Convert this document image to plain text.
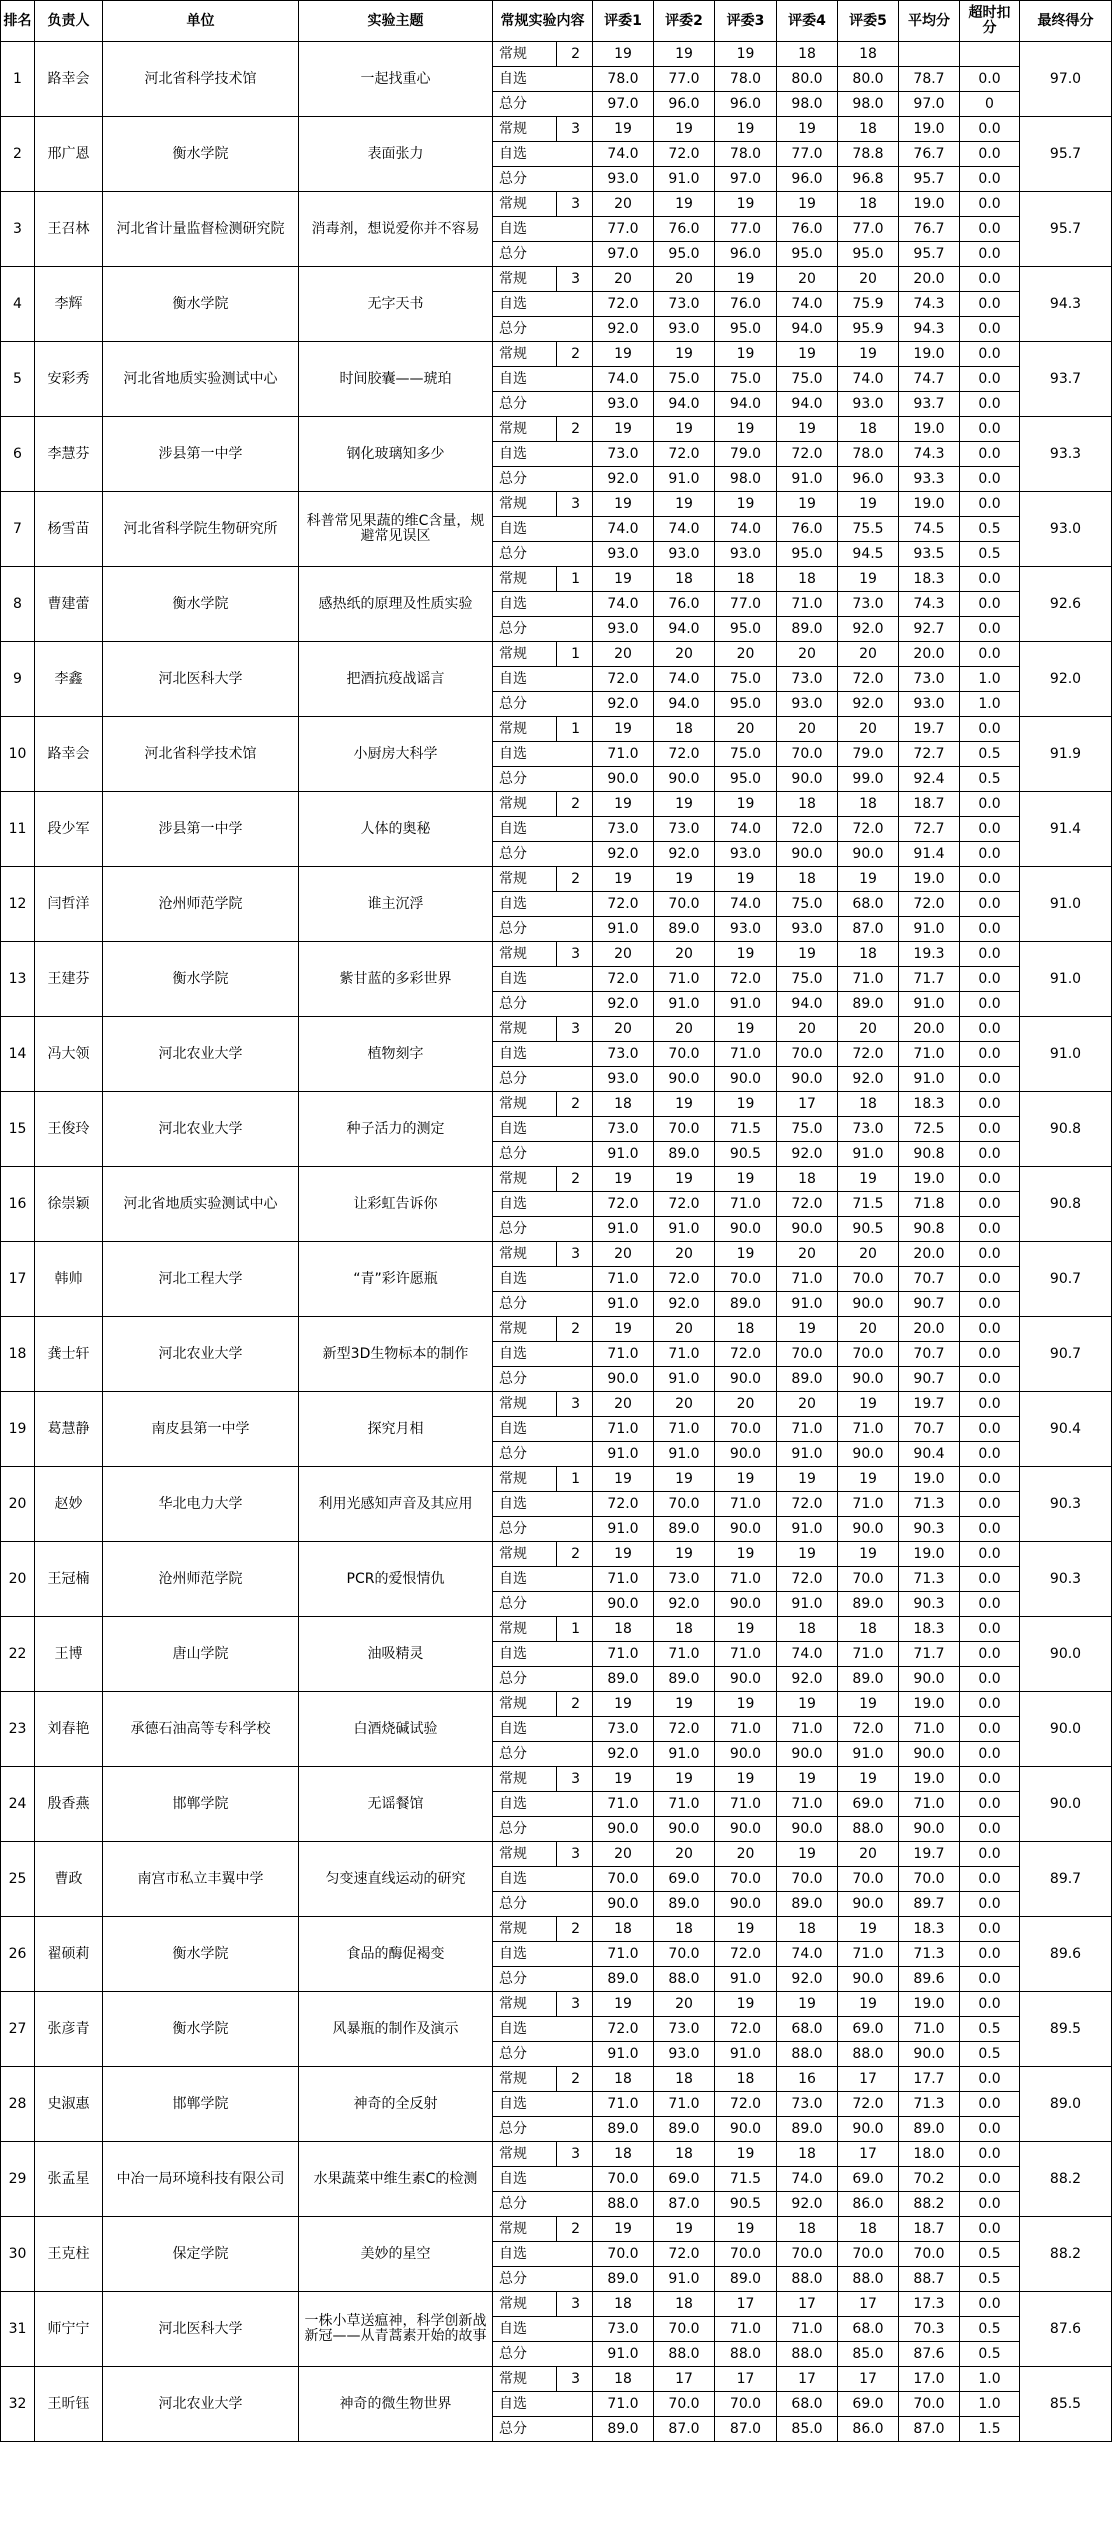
排名	负责人	单位	实验主题	常规实验内容		评委1	评委2	评委3	评委4	评委5	平均分	超时扣分	最终得分
1	路幸会	河北省科学技术馆	一起找重心	常规	2	19	19	19	18	18			97.0
				自选		78.0	77.0	78.0	80.0	80.0	78.7	0.0	
				总分		97.0	96.0	96.0	98.0	98.0	97.0	0	
2	邢广恩	衡水学院	表面张力	常规	3	19	19	19	19	18	19.0	0.0	95.7
				自选		74.0	72.0	78.0	77.0	78.8	76.7	0.0	
				总分		93.0	91.0	97.0	96.0	96.8	95.7	0.0	
3	王召林	河北省计量监督检测研究院	消毒剂，想说爱你并不容易	常规	3	20	19	19	19	18	19.0	0.0	95.7
				自选		77.0	76.0	77.0	76.0	77.0	76.7	0.0	
				总分		97.0	95.0	96.0	95.0	95.0	95.7	0.0	
4	李辉	衡水学院	无字天书	常规	3	20	20	19	20	20	20.0	0.0	94.3
				自选		72.0	73.0	76.0	74.0	75.9	74.3	0.0	
				总分		92.0	93.0	95.0	94.0	95.9	94.3	0.0	
5	安彩秀	河北省地质实验测试中心	时间胶囊——琥珀	常规	2	19	19	19	19	19	19.0	0.0	93.7
				自选		74.0	75.0	75.0	75.0	74.0	74.7	0.0	
				总分		93.0	94.0	94.0	94.0	93.0	93.7	0.0	
6	李慧芬	涉县第一中学	钢化玻璃知多少	常规	2	19	19	19	19	18	19.0	0.0	93.3
				自选		73.0	72.0	79.0	72.0	78.0	74.3	0.0	
				总分		92.0	91.0	98.0	91.0	96.0	93.3	0.0	
7	杨雪苗	河北省科学院生物研究所	科普常见果蔬的维C含量，规避常见误区	常规	3	19	19	19	19	19	19.0	0.0	93.0
				自选		74.0	74.0	74.0	76.0	75.5	74.5	0.5	
				总分		93.0	93.0	93.0	95.0	94.5	93.5	0.5	
8	曹建蕾	衡水学院	感热纸的原理及性质实验	常规	1	19	18	18	18	19	18.3	0.0	92.6
				自选		74.0	76.0	77.0	71.0	73.0	74.3	0.0	
				总分		93.0	94.0	95.0	89.0	92.0	92.7	0.0	
9	李鑫	河北医科大学	把酒抗疫战谣言	常规	1	20	20	20	20	20	20.0	0.0	92.0
				自选		72.0	74.0	75.0	73.0	72.0	73.0	1.0	
				总分		92.0	94.0	95.0	93.0	92.0	93.0	1.0	
10	路幸会	河北省科学技术馆	小厨房大科学	常规	1	19	18	20	20	20	19.7	0.0	91.9
				自选		71.0	72.0	75.0	70.0	79.0	72.7	0.5	
				总分		90.0	90.0	95.0	90.0	99.0	92.4	0.5	
11	段少军	涉县第一中学	人体的奥秘	常规	2	19	19	19	18	18	18.7	0.0	91.4
				自选		73.0	73.0	74.0	72.0	72.0	72.7	0.0	
				总分		92.0	92.0	93.0	90.0	90.0	91.4	0.0	
12	闫哲洋	沧州师范学院	谁主沉浮	常规	2	19	19	19	18	19	19.0	0.0	91.0
				自选		72.0	70.0	74.0	75.0	68.0	72.0	0.0	
				总分		91.0	89.0	93.0	93.0	87.0	91.0	0.0	
13	王建芬	衡水学院	紫甘蓝的多彩世界	常规	3	20	20	19	19	18	19.3	0.0	91.0
				自选		72.0	71.0	72.0	75.0	71.0	71.7	0.0	
				总分		92.0	91.0	91.0	94.0	89.0	91.0	0.0	
14	冯大领	河北农业大学	植物刻字	常规	3	20	20	19	20	20	20.0	0.0	91.0
				自选		73.0	70.0	71.0	70.0	72.0	71.0	0.0	
				总分		93.0	90.0	90.0	90.0	92.0	91.0	0.0	
15	王俊玲	河北农业大学	种子活力的测定	常规	2	18	19	19	17	18	18.3	0.0	90.8
				自选		73.0	70.0	71.5	75.0	73.0	72.5	0.0	
				总分		91.0	89.0	90.5	92.0	91.0	90.8	0.0	
16	徐崇颖	河北省地质实验测试中心	让彩虹告诉你	常规	2	19	19	19	18	19	19.0	0.0	90.8
				自选		72.0	72.0	71.0	72.0	71.5	71.8	0.0	
				总分		91.0	91.0	90.0	90.0	90.5	90.8	0.0	
17	韩帅	河北工程大学	“青”彩许愿瓶	常规	3	20	20	19	20	20	20.0	0.0	90.7
				自选		71.0	72.0	70.0	71.0	70.0	70.7	0.0	
				总分		91.0	92.0	89.0	91.0	90.0	90.7	0.0	
18	龚士轩	河北农业大学	新型3D生物标本的制作	常规	2	19	20	18	19	20	20.0	0.0	90.7
				自选		71.0	71.0	72.0	70.0	70.0	70.7	0.0	
				总分		90.0	91.0	90.0	89.0	90.0	90.7	0.0	
19	葛慧静	南皮县第一中学	探究月相	常规	3	20	20	20	20	19	19.7	0.0	90.4
				自选		71.0	71.0	70.0	71.0	71.0	70.7	0.0	
				总分		91.0	91.0	90.0	91.0	90.0	90.4	0.0	
20	赵妙	华北电力大学	利用光感知声音及其应用	常规	1	19	19	19	19	19	19.0	0.0	90.3
				自选		72.0	70.0	71.0	72.0	71.0	71.3	0.0	
				总分		91.0	89.0	90.0	91.0	90.0	90.3	0.0	
20	王冠楠	沧州师范学院	PCR的爱恨情仇	常规	2	19	19	19	19	19	19.0	0.0	90.3
				自选		71.0	73.0	71.0	72.0	70.0	71.3	0.0	
				总分		90.0	92.0	90.0	91.0	89.0	90.3	0.0	
22	王博	唐山学院	油吸精灵	常规	1	18	18	19	18	18	18.3	0.0	90.0
				自选		71.0	71.0	71.0	74.0	71.0	71.7	0.0	
				总分		89.0	89.0	90.0	92.0	89.0	90.0	0.0	
23	刘春艳	承德石油高等专科学校	白酒烧碱试验	常规	2	19	19	19	19	19	19.0	0.0	90.0
				自选		73.0	72.0	71.0	71.0	72.0	71.0	0.0	
				总分		92.0	91.0	90.0	90.0	91.0	90.0	0.0	
24	殷香燕	邯郸学院	无谣餐馆	常规	3	19	19	19	19	19	19.0	0.0	90.0
				自选		71.0	71.0	71.0	71.0	69.0	71.0	0.0	
				总分		90.0	90.0	90.0	90.0	88.0	90.0	0.0	
25	曹政	南宫市私立丰翼中学	匀变速直线运动的研究	常规	3	20	20	20	19	20	19.7	0.0	89.7
				自选		70.0	69.0	70.0	70.0	70.0	70.0	0.0	
				总分		90.0	89.0	90.0	89.0	90.0	89.7	0.0	
26	翟硕莉	衡水学院	食品的酶促褐变	常规	2	18	18	19	18	19	18.3	0.0	89.6
				自选		71.0	70.0	72.0	74.0	71.0	71.3	0.0	
				总分		89.0	88.0	91.0	92.0	90.0	89.6	0.0	
27	张彦青	衡水学院	风暴瓶的制作及演示	常规	3	19	20	19	19	19	19.0	0.0	89.5
				自选		72.0	73.0	72.0	68.0	69.0	71.0	0.5	
				总分		91.0	93.0	91.0	88.0	88.0	90.0	0.5	
28	史淑惠	邯郸学院	神奇的全反射	常规	2	18	18	18	16	17	17.7	0.0	89.0
				自选		71.0	71.0	72.0	73.0	72.0	71.3	0.0	
				总分		89.0	89.0	90.0	89.0	90.0	89.0	0.0	
29	张孟星	中冶一局环境科技有限公司	水果蔬菜中维生素C的检测	常规	3	18	18	19	18	17	18.0	0.0	88.2
				自选		70.0	69.0	71.5	74.0	69.0	70.2	0.0	
				总分		88.0	87.0	90.5	92.0	86.0	88.2	0.0	
30	王克柱	保定学院	美妙的星空	常规	2	19	19	19	18	18	18.7	0.0	88.2
				自选		70.0	72.0	70.0	70.0	70.0	70.0	0.5	
				总分		89.0	91.0	89.0	88.0	88.0	88.7	0.5	
31	师宁宁	河北医科大学	一株小草送瘟神，科学创新战新冠——从青蒿素开始的故事	常规	3	18	18	17	17	17	17.3	0.0	87.6
				自选		73.0	70.0	71.0	71.0	68.0	70.3	0.5	
				总分		91.0	88.0	88.0	88.0	85.0	87.6	0.5	
32	王昕钰	河北农业大学	神奇的微生物世界	常规	3	18	17	17	17	17	17.0	1.0	85.5
				自选		71.0	70.0	70.0	68.0	69.0	70.0	1.0	
				总分		89.0	87.0	87.0	85.0	86.0	87.0	1.5	
